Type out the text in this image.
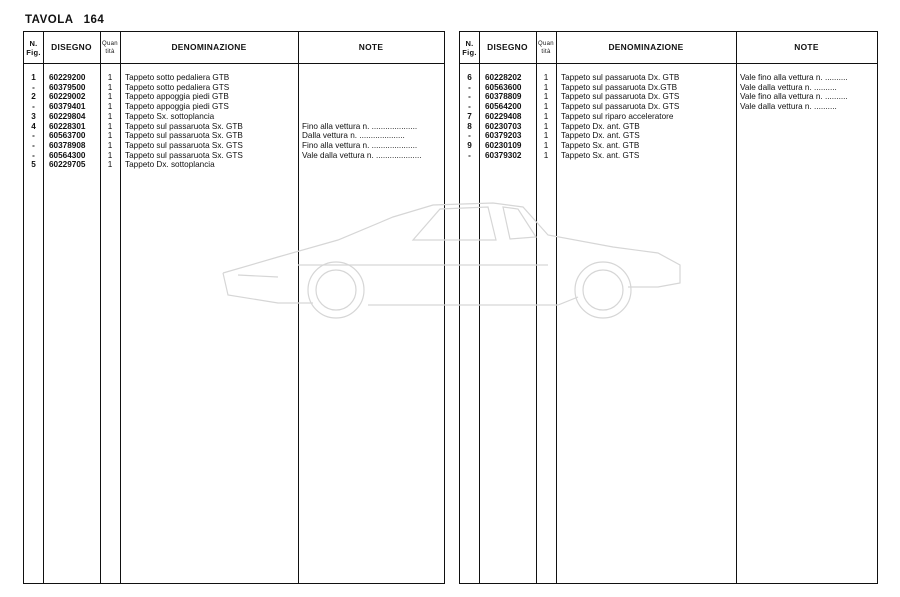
TAVOLA 164
N. Fig.	DISEGNO	Quan tità	DENOMINAZIONE	NOTE
1	60229200	1	Tappeto sotto pedaliera GTB
-	60379500	1	Tappeto sotto pedaliera GTS
2	60229002	1	Tappeto appoggia piedi GTB
-	60379401	1	Tappeto appoggia piedi GTS
3	60229804	1	Tappeto Sx. sottoplancia
4	60228301	1	Tappeto sul passaruota Sx. GTB	Fino alla vettura n. ....................
-	60563700	1	Tappeto sul passaruota Sx. GTB	Dalla vettura n. ....................
-	60378908	1	Tappeto sul passaruota Sx. GTS	Fino alla vettura n. ....................
-	60564300	1	Tappeto sul passaruota Sx. GTS	Vale dalla vettura n. ....................
5	60229705	1	Tappeto Dx. sottoplancia
N. Fig.	DISEGNO	Quan tità	DENOMINAZIONE	NOTE
6	60228202	1	Tappeto sul passaruota Dx. GTB	Vale fino alla vettura n. ..........
-	60563600	1	Tappeto sul passaruota Dx.GTB	Vale dalla vettura n. ..........
-	60378809	1	Tappeto sul passaruota Dx. GTS	Vale fino alla vettura n. ..........
-	60564200	1	Tappeto sul passaruota Dx. GTS	Vale dalla vettura n. ..........
7	60229408	1	Tappeto sul riparo acceleratore
8	60230703	1	Tappeto Dx. ant. GTB
-	60379203	1	Tappeto Dx. ant. GTS
9	60230109	1	Tappeto Sx. ant. GTB
-	60379302	1	Tappeto Sx. ant. GTS
